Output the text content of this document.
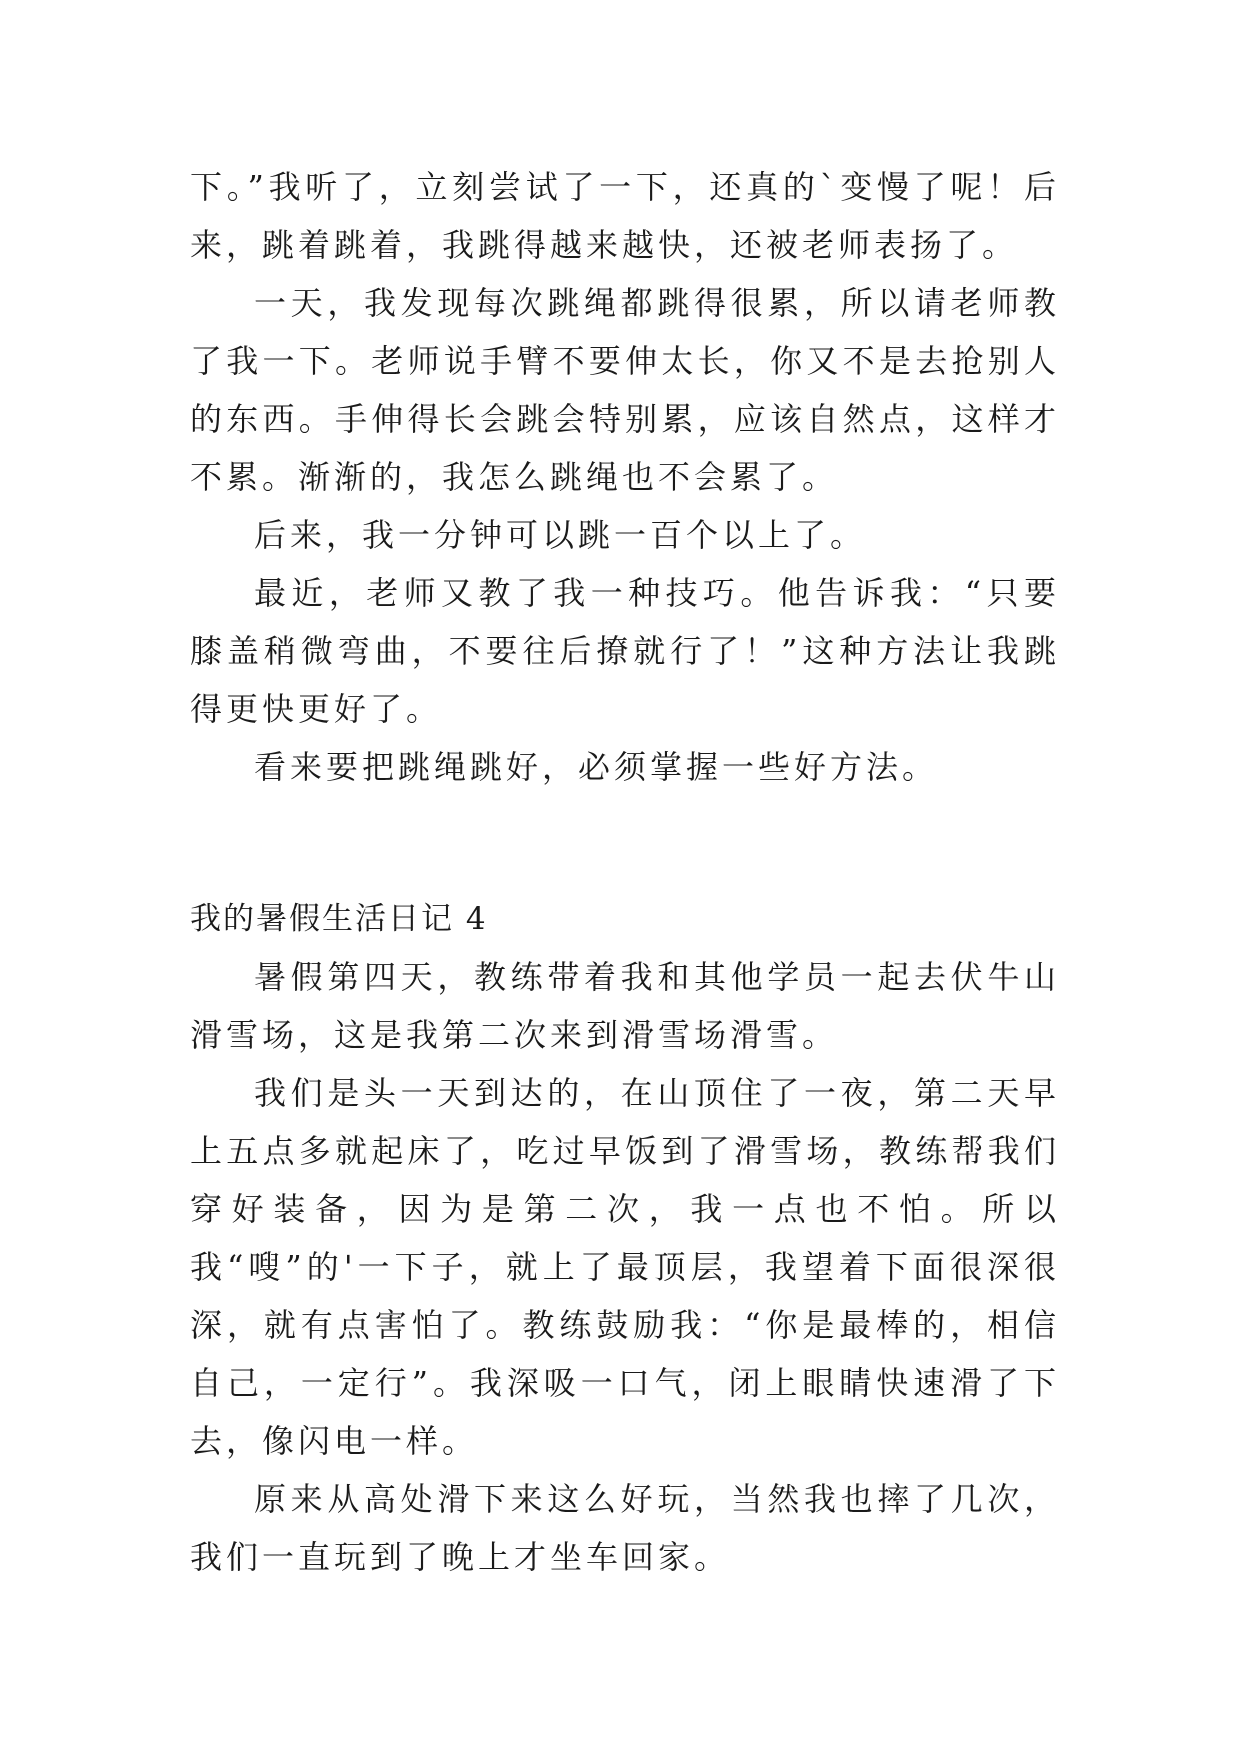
下。”我听了，立刻尝试了一下，还真的`变慢了呢！后来，跳着跳着，我跳得越来越快，还被老师表扬了。

一天，我发现每次跳绳都跳得很累，所以请老师教了我一下。老师说手臂不要伸太长，你又不是去抢别人的东西。手伸得长会跳会特别累，应该自然点，这样才不累。渐渐的，我怎么跳绳也不会累了。

后来，我一分钟可以跳一百个以上了。

最近，老师又教了我一种技巧。他告诉我：“只要膝盖稍微弯曲，不要往后撩就行了！”这种方法让我跳得更快更好了。

看来要把跳绳跳好，必须掌握一些好方法。

我的暑假生活日记 4

暑假第四天，教练带着我和其他学员一起去伏牛山滑雪场，这是我第二次来到滑雪场滑雪。

我们是头一天到达的，在山顶住了一夜，第二天早上五点多就起床了，吃过早饭到了滑雪场，教练帮我们穿好装备，因为是第二次，我一点也不怕。所以我“嗖”的'一下子，就上了最顶层，我望着下面很深很深，就有点害怕了。教练鼓励我：“你是最棒的，相信自己，一定行”。我深吸一口气，闭上眼睛快速滑了下去，像闪电一样。

原来从高处滑下来这么好玩，当然我也摔了几次，我们一直玩到了晚上才坐车回家。
